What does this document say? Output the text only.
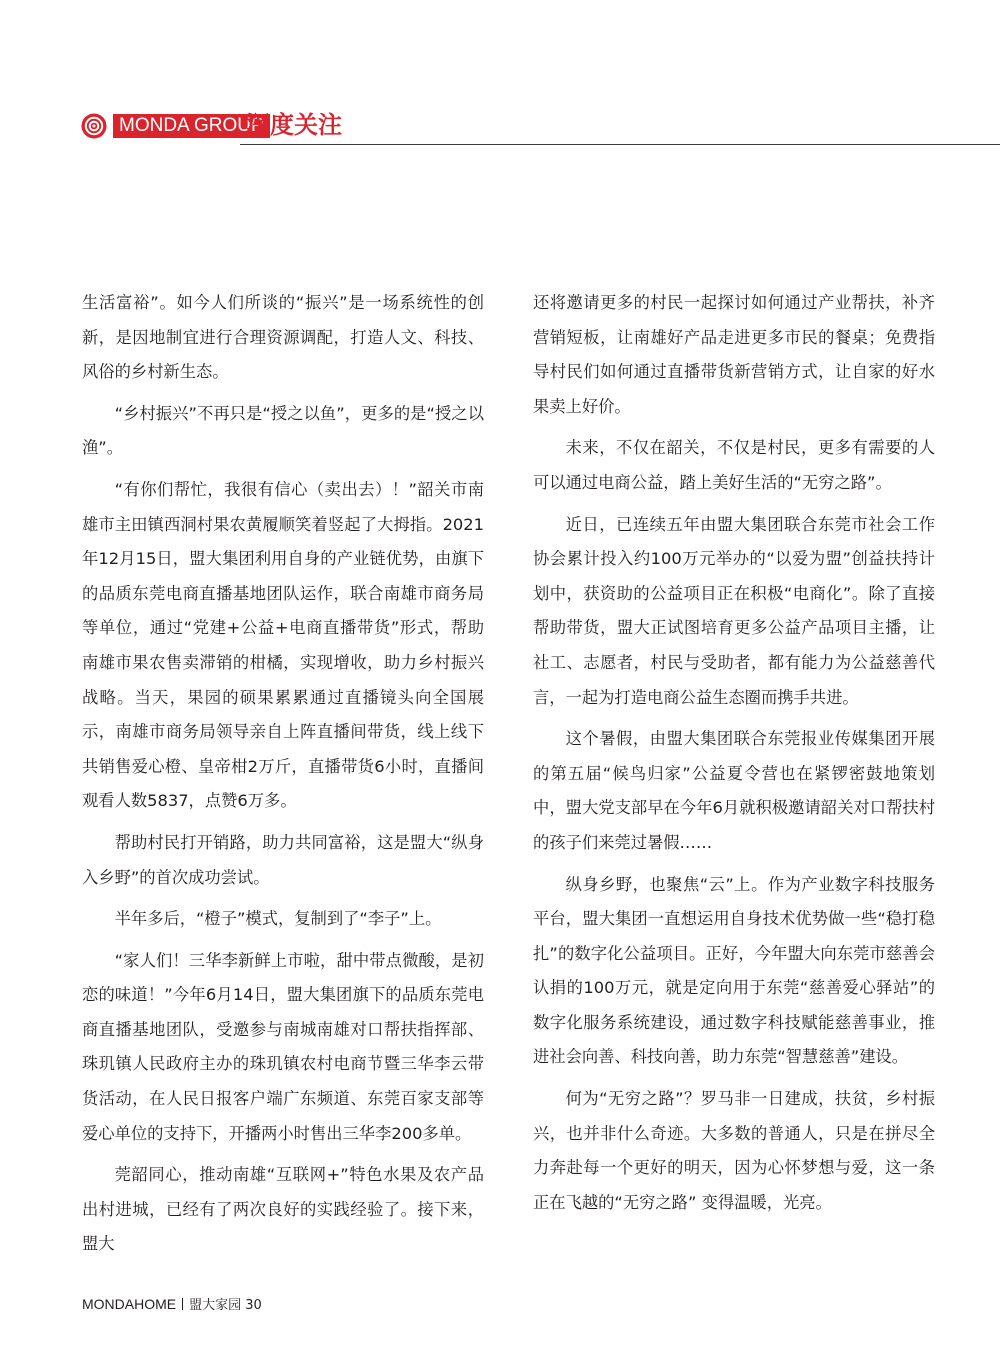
MONDA GROUP
深度关注

生活富裕”。如今人们所谈的“振兴”是一场系统性的创新，是因地制宜进行合理资源调配，打造人文、科技、风俗的乡村新生态。

“乡村振兴”不再只是“授之以鱼”，更多的是“授之以渔”。

“有你们帮忙，我很有信心（卖出去）！”韶关市南雄市主田镇西洞村果农黄履顺笑着竖起了大拇指。2021年12月15日，盟大集团利用自身的产业链优势，由旗下的品质东莞电商直播基地团队运作，联合南雄市商务局等单位，通过“党建+公益+电商直播带货”形式，帮助南雄市果农售卖滞销的柑橘，实现增收，助力乡村振兴战略。当天，果园的硕果累累通过直播镜头向全国展示，南雄市商务局领导亲自上阵直播间带货，线上线下共销售爱心橙、皇帝柑2万斤，直播带货6小时，直播间观看人数5837，点赞6万多。

帮助村民打开销路，助力共同富裕，这是盟大“纵身入乡野”的首次成功尝试。

半年多后，“橙子”模式，复制到了“李子”上。

“家人们！三华李新鲜上市啦，甜中带点微酸，是初恋的味道！”今年6月14日，盟大集团旗下的品质东莞电商直播基地团队，受邀参与南城南雄对口帮扶指挥部、珠玑镇人民政府主办的珠玑镇农村电商节暨三华李云带货活动，在人民日报客户端广东频道、东莞百家支部等爱心单位的支持下，开播两小时售出三华李200多单。

莞韶同心，推动南雄“互联网+”特色水果及农产品出村进城，已经有了两次良好的实践经验了。接下来，盟大

还将邀请更多的村民一起探讨如何通过产业帮扶，补齐营销短板，让南雄好产品走进更多市民的餐桌；免费指导村民们如何通过直播带货新营销方式，让自家的好水果卖上好价。

未来，不仅在韶关，不仅是村民，更多有需要的人可以通过电商公益，踏上美好生活的“无穷之路”。

近日，已连续五年由盟大集团联合东莞市社会工作协会累计投入约100万元举办的“以爱为盟”创益扶持计划中，获资助的公益项目正在积极“电商化”。除了直接帮助带货，盟大正试图培育更多公益产品项目主播，让社工、志愿者，村民与受助者，都有能力为公益慈善代言，一起为打造电商公益生态圈而携手共进。

这个暑假，由盟大集团联合东莞报业传媒集团开展的第五届“候鸟归家”公益夏令营也在紧锣密鼓地策划中，盟大党支部早在今年6月就积极邀请韶关对口帮扶村的孩子们来莞过暑假……

纵身乡野，也聚焦“云”上。作为产业数字科技服务平台，盟大集团一直想运用自身技术优势做一些“稳打稳扎”的数字化公益项目。正好，今年盟大向东莞市慈善会认捐的100万元，就是定向用于东莞“慈善爱心驿站”的数字化服务系统建设，通过数字科技赋能慈善事业，推进社会向善、科技向善，助力东莞“智慧慈善”建设。

何为“无穷之路”？罗马非一日建成，扶贫，乡村振兴，也并非什么奇迹。大多数的普通人，只是在拼尽全力奔赴每一个更好的明天，因为心怀梦想与爱，这一条正在飞越的“无穷之路” 变得温暖，光亮。

MONDAHOME 盟大家园 30
